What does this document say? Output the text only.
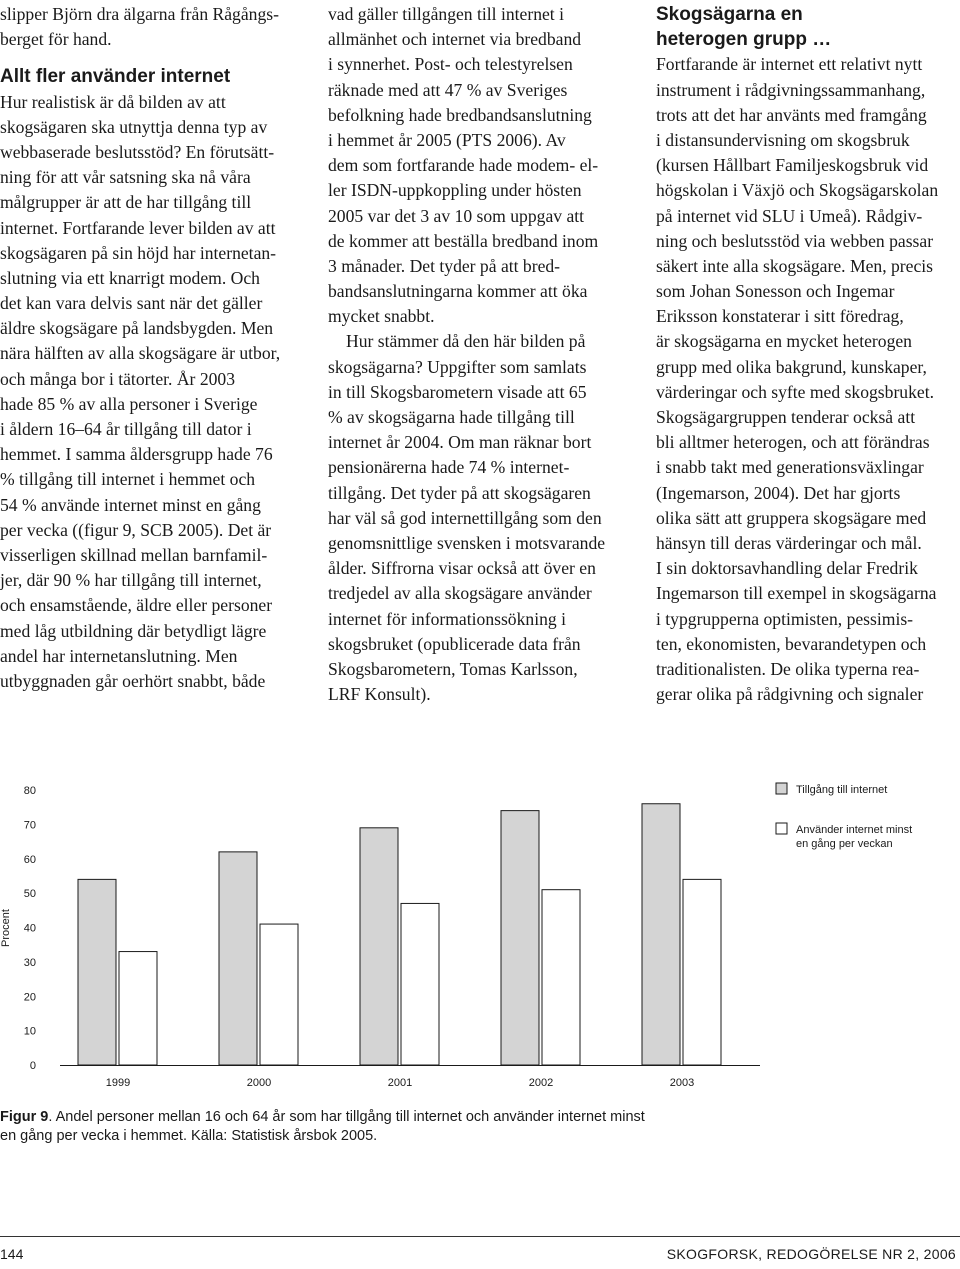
slipper Björn dra älgarna från Rågångs-
berget för hand.
Allt fler använder internet
Hur realistisk är då bilden av att
skogsägaren ska utnyttja denna typ av
webbaserade beslutsstöd? En förutsätt-
ning för att vår satsning ska nå våra
målgrupper är att de har tillgång till
internet. Fortfarande lever bilden av att
skogsägaren på sin höjd har internetan-
slutning via ett knarrigt modem. Och
det kan vara delvis sant när det gäller
äldre skogsägare på landsbygden. Men
nära hälften av alla skogsägare är utbor,
och många bor i tätorter. År 2003
hade 85 % av alla personer i Sverige
i åldern 16–64 år tillgång till dator i
hemmet. I samma åldersgrupp hade 76
% tillgång till internet i hemmet och
54 % använde internet minst en gång
per vecka ((figur 9, SCB 2005). Det är
visserligen skillnad mellan barnfamil-
jer, där 90 % har tillgång till internet,
och ensamstående, äldre eller personer
med låg utbildning där betydligt lägre
andel har internetanslutning. Men
utbyggnaden går oerhört snabbt, både
vad gäller tillgången till internet i
allmänhet och internet via bredband
i synnerhet. Post- och telestyrelsen
räknade med att 47 % av Sveriges
befolkning hade bredbandsanslutning
i hemmet år 2005 (PTS 2006). Av
dem som fortfarande hade modem- el-
ler ISDN-uppkoppling under hösten
2005 var det 3 av 10 som uppgav att
de kommer att beställa bredband inom
3 månader. Det tyder på att bred-
bandsanslutningarna kommer att öka
mycket snabbt.
Hur stämmer då den här bilden på
skogsägarna? Uppgifter som samlats
in till Skogsbarometern visade att 65
% av skogsägarna hade tillgång till
internet år 2004. Om man räknar bort
pensionärerna hade 74 % internet-
tillgång. Det tyder på att skogsägaren
har väl så god internettillgång som den
genomsnittlige svensken i motsvarande
ålder. Siffrorna visar också att över en
tredjedel av alla skogsägare använder
internet för informationssökning i
skogsbruket (opublicerade data från
Skogsbarometern, Tomas Karlsson,
LRF Konsult).
Skogsägarna en
heterogen grupp …
Fortfarande är internet ett relativt nytt
instrument i rådgivningssammanhang,
trots att det har använts med framgång
i distansundervisning om skogsbruk
(kursen Hållbart Familjeskogsbruk vid
högskolan i Växjö och Skogsägarskolan
på internet vid SLU i Umeå). Rådgiv-
ning och beslutsstöd via webben passar
säkert inte alla skogsägare. Men, precis
som Johan Sonesson och Ingemar
Eriksson konstaterar i sitt föredrag,
är skogsägarna en mycket heterogen
grupp med olika bakgrund, kunskaper,
värderingar och syfte med skogsbruket.
Skogsägargruppen tenderar också att
bli alltmer heterogen, och att förändras
i snabb takt med generationsväxlingar
(Ingemarson, 2004). Det har gjorts
olika sätt att gruppera skogsägare med
hänsyn till deras värderingar och mål.
I sin doktorsavhandling delar Fredrik
Ingemarson till exempel in skogsägarna
i typgrupperna optimisten, pessimis-
ten, ekonomisten, bevarandetypen och
traditionalisten. De olika typerna rea-
gerar olika på rådgivning och signaler
0
10
20
30
40
50
60
70
80
Procent
1999	2000	2001	2002	2003
Tillgång till internet
Använder internet minst
en gång per veckan
Figur 9. Andel personer mellan 16 och 64 år som har tillgång till internet och använder internet minst
en gång per vecka i hemmet. Källa: Statistisk årsbok 2005.
144	SKOGFORSK, REDOGÖRELSE NR 2, 2006
